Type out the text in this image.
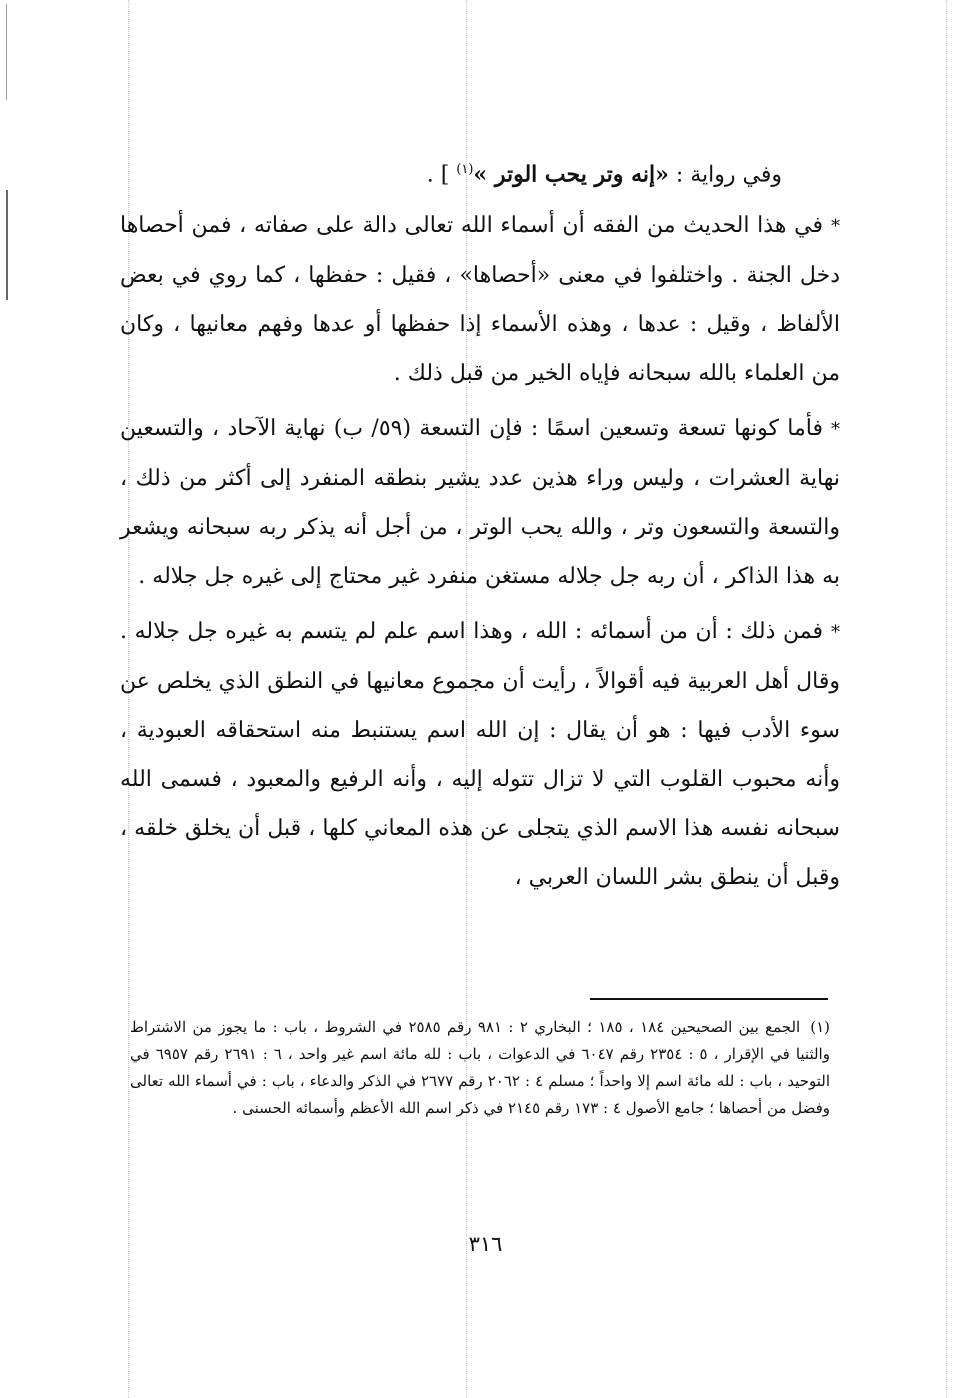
وفي رواية : «إنه وتر يحب الوتر »$^{(١)}$ ] .

*في هذا الحديث من الفقه أن أسماء الله تعالى دالة على صفاته ، فمن أحصاها دخل الجنة . واختلفوا في معنى «أحصاها» ، فقيل : حفظها ، كما روي في بعض الألفاظ ، وقيل : عدها ، وهذه الأسماء إذا حفظها أو عدها وفهم معانيها ، وكان من العلماء بالله سبحانه فإياه الخير من قبل ذلك .

*فأما كونها تسعة وتسعين اسمًا : فإن التسعة (٥٩/ ب) نهاية الآحاد ، والتسعين نهاية العشرات ، وليس وراء هذين عدد يشير بنطقه المنفرد إلى أكثر من ذلك ، والتسعة والتسعون وتر ، والله يحب الوتر ، من أجل أنه يذكر ربه سبحانه ويشعر به هذا الذاكر ، أن ربه جل جلاله مستغن منفرد غير محتاج إلى غيره جل جلاله .

*فمن ذلك : أن من أسمائه : الله ، وهذا اسم علم لم يتسم به غيره جل جلاله . وقال أهل العربية فيه أقوالاً ، رأيت أن مجموع معانيها في النطق الذي يخلص عن سوء الأدب فيها : هو أن يقال : إن الله اسم يستنبط منه استحقاقه العبودية ، وأنه محبوب القلوب التي لا تزال تتوله إليه ، وأنه الرفيع والمعبود ، فسمى الله سبحانه نفسه هذا الاسم الذي يتجلى عن هذه المعاني كلها ، قبل أن يخلق خلقه ، وقبل أن ينطق بشر اللسان العربي ،

(١)الجمع بين الصحيحين ١٨٤ ، ١٨٥ ؛ البخاري ٢ : ٩٨١ رقم ٢٥٨٥ في الشروط ، باب : ما يجوز من الاشتراط والثنيا في الإقرار ، ٥ : ٢٣٥٤ رقم ٦٠٤٧ في الدعوات ، باب : لله مائة اسم غير واحد ، ٦ : ٢٦٩١ رقم ٦٩٥٧ في التوحيد ، باب : لله مائة اسم إلا واحداً ؛ مسلم ٤ : ٢٠٦٢ رقم ٢٦٧٧ في الذكر والدعاء ، باب : في أسماء الله تعالى وفضل من أحصاها ؛ جامع الأصول ٤ : ١٧٣ رقم ٢١٤٥ في ذكر اسم الله الأعظم وأسمائه الحسنى .
٣١٦
